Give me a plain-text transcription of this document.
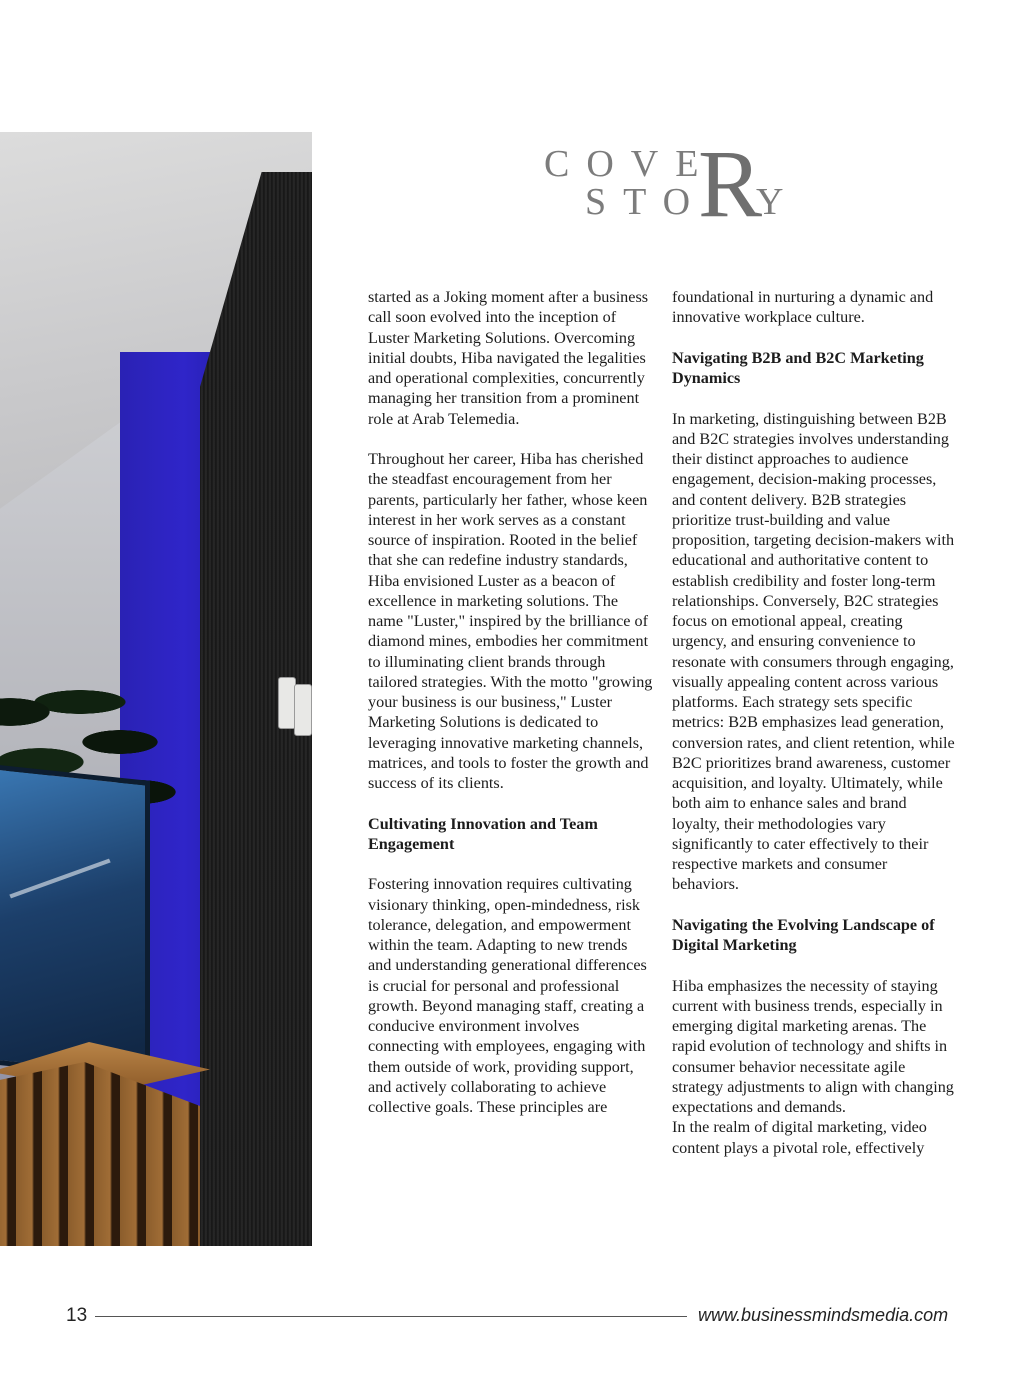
COVE
R
STO Y

started as a Joking moment after a business call soon evolved into the inception of Luster Marketing Solutions. Overcoming initial doubts, Hiba navigated the legalities and operational complexities, concurrently managing her transition from a prominent role at Arab Telemedia.

Throughout her career, Hiba has cherished the steadfast encouragement from her parents, particularly her father, whose keen interest in her work serves as a constant source of inspiration. Rooted in the belief that she can redefine industry standards, Hiba envisioned Luster as a beacon of excellence in marketing solutions. The name "Luster," inspired by the brilliance of diamond mines, embodies her commitment to illuminating client brands through tailored strategies. With the motto "growing your business is our business," Luster Marketing Solutions is dedicated to leveraging innovative marketing channels, matrices, and tools to foster the growth and success of its clients.

Cultivating Innovation and Team Engagement

Fostering innovation requires cultivating visionary thinking, open-mindedness, risk tolerance, delegation, and empowerment within the team. Adapting to new trends and understanding generational differences is crucial for personal and professional growth. Beyond managing staff, creating a conducive environment involves connecting with employees, engaging with them outside of work, providing support, and actively collaborating to achieve collective goals. These principles are

foundational in nurturing a dynamic and innovative workplace culture.

Navigating B2B and B2C Marketing Dynamics

In marketing, distinguishing between B2B and B2C strategies involves understanding their distinct approaches to audience engagement, decision-making processes, and content delivery. B2B strategies prioritize trust-building and value proposition, targeting decision-makers with educational and authoritative content to establish credibility and foster long-term relationships. Conversely, B2C strategies focus on emotional appeal, creating urgency, and ensuring convenience to resonate with consumers through engaging, visually appealing content across various platforms. Each strategy sets specific metrics: B2B emphasizes lead generation, conversion rates, and client retention, while B2C prioritizes brand awareness, customer acquisition, and loyalty. Ultimately, while both aim to enhance sales and brand loyalty, their methodologies vary significantly to cater effectively to their respective markets and consumer behaviors.

Navigating the Evolving Landscape of Digital Marketing

Hiba emphasizes the necessity of staying current with business trends, especially in emerging digital marketing arenas. The rapid evolution of technology and shifts in consumer behavior necessitate agile strategy adjustments to align with changing expectations and demands.

In the realm of digital marketing, video content plays a pivotal role, effectively

13	www.businessmindsmedia.com
